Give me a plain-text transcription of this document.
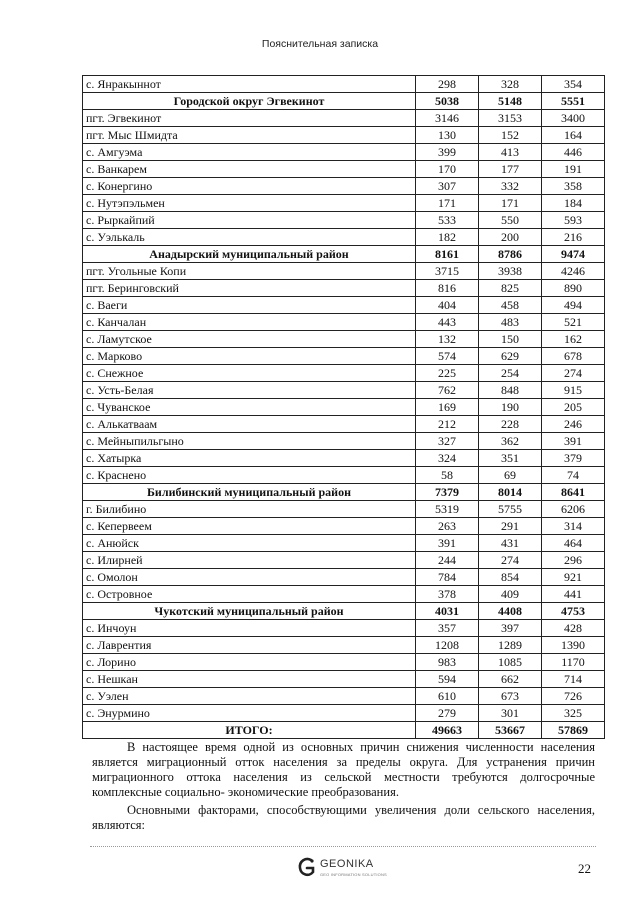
Пояснительная записка
с. Янракыннот	298	328	354
Городской округ Эгвекинот	5038	5148	5551
пгт. Эгвекинот	3146	3153	3400
пгт. Мыс Шмидта	130	152	164
с. Амгуэма	399	413	446
с. Ванкарем	170	177	191
с. Конергино	307	332	358
с. Нутэпэльмен	171	171	184
с. Рыркайпий	533	550	593
с. Уэлькаль	182	200	216
Анадырский муниципальный район	8161	8786	9474
пгт. Угольные Копи	3715	3938	4246
пгт. Беринговский	816	825	890
с. Ваеги	404	458	494
с. Канчалан	443	483	521
с. Ламутское	132	150	162
с. Марково	574	629	678
с. Снежное	225	254	274
с. Усть-Белая	762	848	915
с. Чуванское	169	190	205
с. Алькатваам	212	228	246
с. Мейныпильгыно	327	362	391
с. Хатырка	324	351	379
с. Краснено	58	69	74
Билибинский муниципальный район	7379	8014	8641
г. Билибино	5319	5755	6206
с. Кепервеем	263	291	314
с. Анюйск	391	431	464
с. Илирней	244	274	296
с. Омолон	784	854	921
с. Островное	378	409	441
Чукотский муниципальный район	4031	4408	4753
с. Инчоун	357	397	428
с. Лаврентия	1208	1289	1390
с. Лорино	983	1085	1170
с. Нешкан	594	662	714
с. Уэлен	610	673	726
с. Энурмино	279	301	325
ИТОГО:	49663	53667	57869

В настоящее время одной из основных причин снижения численности населения является миграционный отток населения за пределы округа. Для устранения причин миграционного оттока населения из сельской местности требуются долгосрочные комплексные социально- экономические преобразования.

Основными факторами, способствующими увеличения доли сельского населения, являются:

GEONIKA
GEO INFORMATION SOLUTIONS	22
